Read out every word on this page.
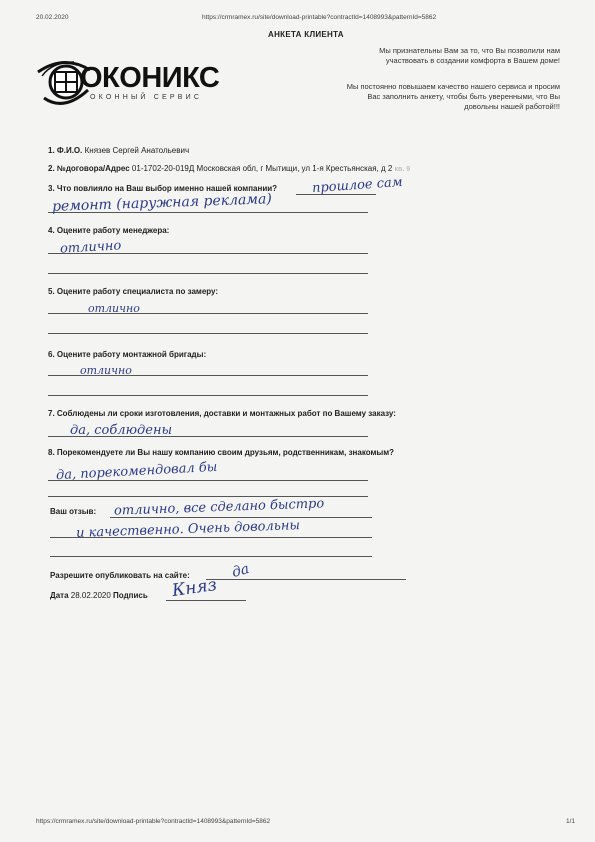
20.02.2020	https://crmramex.ru/site/download-printable?contractId=1408993&patternId=5862
https://crmramex.ru/site/download-printable?contractId=1408993&patternId=5862	1/1
АНКЕТА КЛИЕНТА
ОКОНИКС
ОКОННЫЙ СЕРВИС
Мы признательны Вам за то, что Вы позволили нам
участвовать в создании комфорта в Вашем доме!
Мы постоянно повышаем качество нашего сервиса и просим
Вас заполнить анкету, чтобы быть уверенными, что Вы
довольны нашей работой!!!
1. Ф.И.О. Князев Сергей Анатольевич
2. №договора/Адрес 01-1702-20-019Д Московская обл, г Мытищи, ул 1-я Крестьянская, д 2 кв. 9
3. Что повлияло на Ваш выбор именно нашей компании?	прошлое сам
ремонт (наружная реклама)
4. Оцените работу менеджера:
отлично
5. Оцените работу специалиста по замеру:
отлично
6. Оцените работу монтажной бригады:
отлично
7. Соблюдены ли сроки изготовления, доставки и монтажных работ по Вашему заказу:
да, соблюдены
8. Порекомендуете ли Вы нашу компанию своим друзьям, родственникам, знакомым?
да, порекомендовал бы
Ваш отзыв: отлично, все сделано быстро
и качественно. Очень довольны
Разрешите опубликовать на сайте:	да
Дата 28.02.2020 Подпись Княз
